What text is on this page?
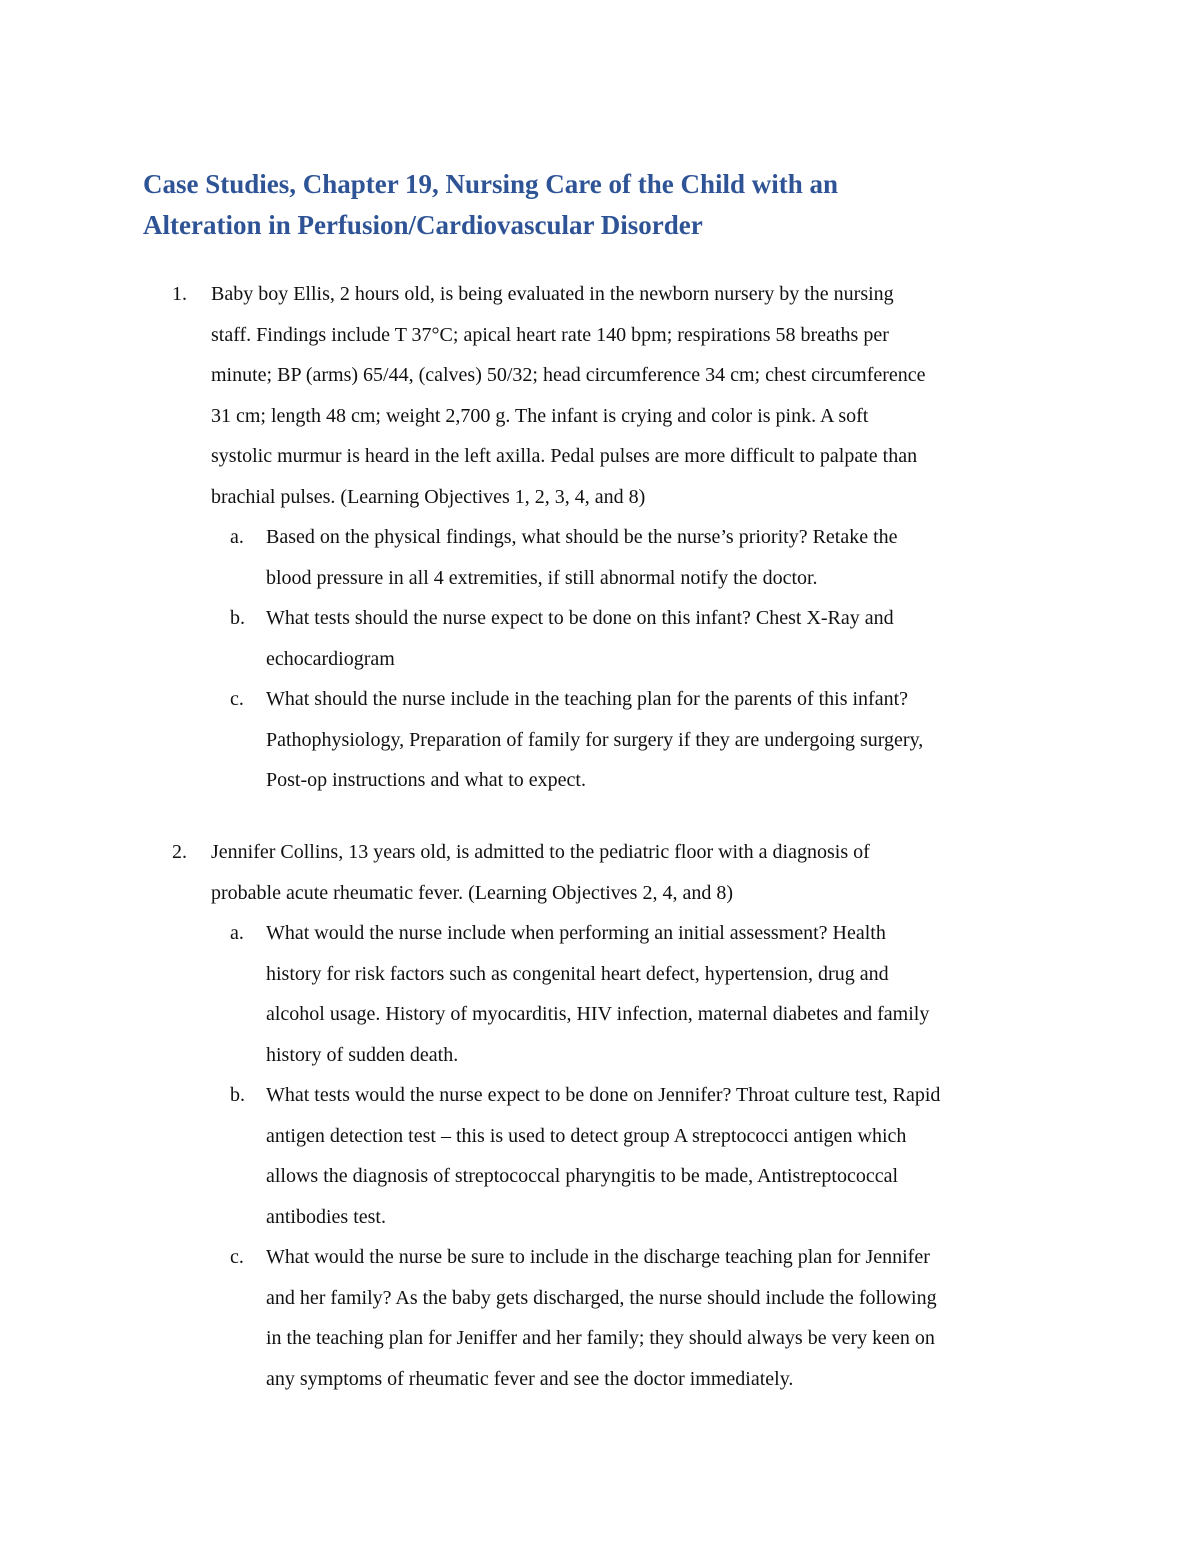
Case Studies, Chapter 19, Nursing Care of the Child with an
Alteration in Perfusion/Cardiovascular Disorder
1. Baby boy Ellis, 2 hours old, is being evaluated in the newborn nursery by the nursing
staff. Findings include T 37°C; apical heart rate 140 bpm; respirations 58 breaths per
minute; BP (arms) 65/44, (calves) 50/32; head circumference 34 cm; chest circumference
31 cm; length 48 cm; weight 2,700 g. The infant is crying and color is pink. A soft
systolic murmur is heard in the left axilla. Pedal pulses are more difficult to palpate than
brachial pulses. (Learning Objectives 1, 2, 3, 4, and 8)
a. Based on the physical findings, what should be the nurse’s priority? Retake the
blood pressure in all 4 extremities, if still abnormal notify the doctor.
b. What tests should the nurse expect to be done on this infant? Chest X-Ray and
echocardiogram
c. What should the nurse include in the teaching plan for the parents of this infant?
Pathophysiology, Preparation of family for surgery if they are undergoing surgery,
Post-op instructions and what to expect.
2. Jennifer Collins, 13 years old, is admitted to the pediatric floor with a diagnosis of
probable acute rheumatic fever. (Learning Objectives 2, 4, and 8)
a. What would the nurse include when performing an initial assessment? Health
history for risk factors such as congenital heart defect, hypertension, drug and
alcohol usage. History of myocarditis, HIV infection, maternal diabetes and family
history of sudden death.
b. What tests would the nurse expect to be done on Jennifer? Throat culture test, Rapid
antigen detection test – this is used to detect group A streptococci antigen which
allows the diagnosis of streptococcal pharyngitis to be made, Antistreptococcal
antibodies test.
c. What would the nurse be sure to include in the discharge teaching plan for Jennifer
and her family? As the baby gets discharged, the nurse should include the following
in the teaching plan for Jeniffer and her family; they should always be very keen on
any symptoms of rheumatic fever and see the doctor immediately.
